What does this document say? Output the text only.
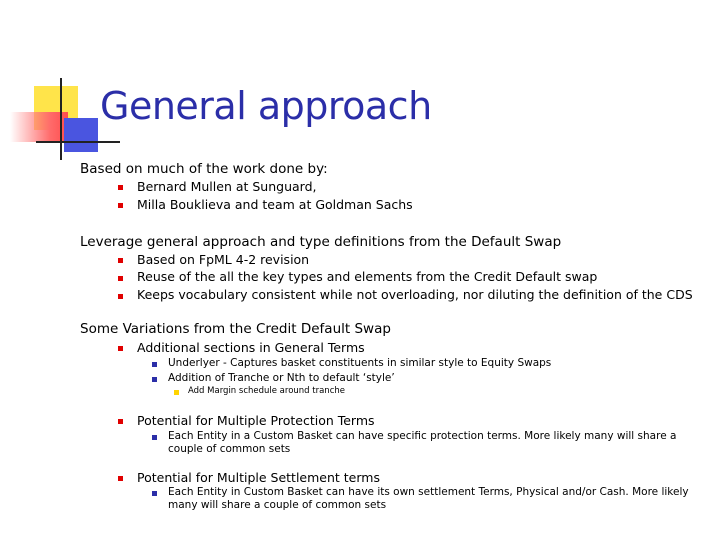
General approach
Based on much of the work done by:
Bernard Mullen at Sunguard,
Milla Bouklieva and team at Goldman Sachs
Leverage general approach and type definitions from the Default Swap
Based on FpML 4-2 revision
Reuse of the all the key types and elements from the Credit Default swap
Keeps vocabulary consistent while not overloading, nor diluting the definition of the CDS
Some Variations from the Credit Default Swap
Additional sections in General Terms
Underlyer - Captures basket constituents in similar style to Equity Swaps
Addition of Tranche or Nth to default ‘style’
Add Margin schedule around tranche
Potential for Multiple Protection Terms
Each Entity in a Custom Basket can have specific protection terms. More likely many will share a couple of common sets
Potential for Multiple Settlement terms
Each Entity in Custom Basket can have its own settlement Terms, Physical and/or Cash. More likely many will share a couple of common sets
